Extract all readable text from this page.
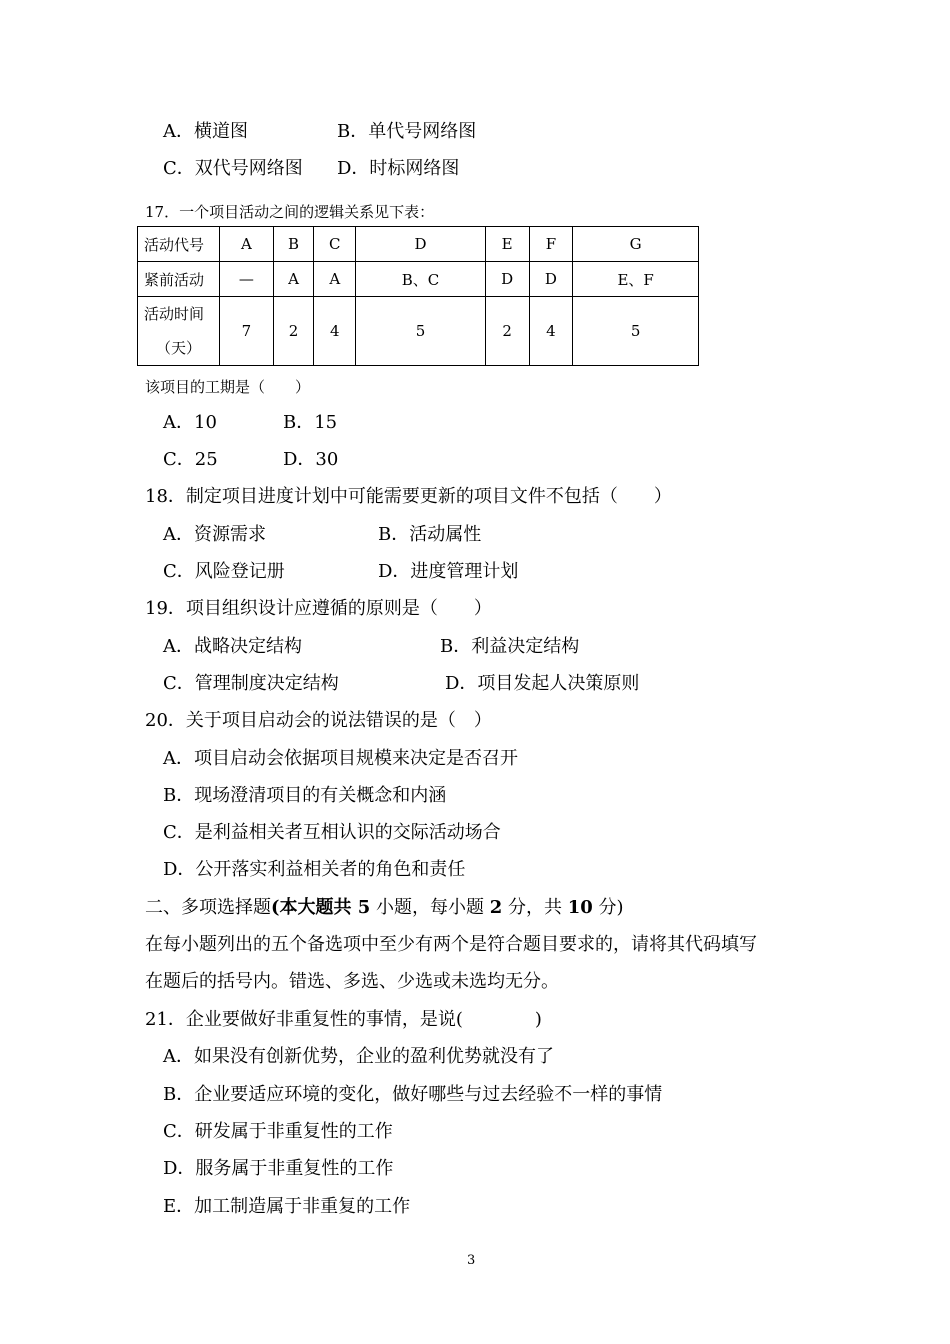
A．横道图	B．单代号网络图
C．双代号网络图 D．时标网络图
17．一个项目活动之间的逻辑关系见下表：
活动代号	A	B	C	D	E	F	G
紧前活动	—	A	A	B、C	D	D	E、F

活动时间
（天）	7	2	4	5	2	4	5
该项目的工期是（　　）
A．10	B．15
C．25	D．30
18．制定项目进度计划中可能需要更新的项目文件不包括（　　）
A．资源需求	B．活动属性
C．风险登记册	D．进度管理计划
19．项目组织设计应遵循的原则是（　　）
A．战略决定结构	B．利益决定结构
C．管理制度决定结构	D．项目发起人决策原则
20．关于项目启动会的说法错误的是（　）
A．项目启动会依据项目规模来决定是否召开
B．现场澄清项目的有关概念和内涵
C．是利益相关者互相认识的交际活动场合
D．公开落实利益相关者的角色和责任
二、多项选择题(本大题共 5 小题，每小题 2 分，共 10 分)
在每小题列出的五个备选项中至少有两个是符合题目要求的，请将其代码填写
在题后的括号内。错选、多选、少选或未选均无分。
21．企业要做好非重复性的事情，是说(　　　　)
A．如果没有创新优势，企业的盈利优势就没有了
B．企业要适应环境的变化，做好哪些与过去经验不一样的事情
C．研发属于非重复性的工作
D．服务属于非重复性的工作
E．加工制造属于非重复的工作
3
